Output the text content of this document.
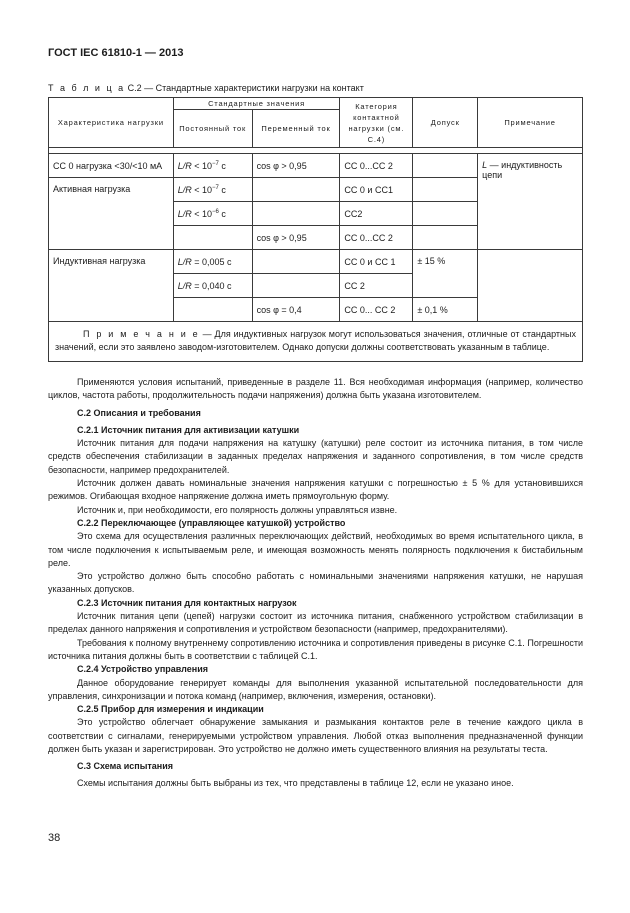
ГОСТ IEC 61810-1 — 2013
Т а б л и ц а С.2 — Стандартные характеристики нагрузки на контакт
Характеристика нагрузки	Стандартные значения		Категория контактной нагрузки (см. С.4)	Допуск	Примечание
	Постоянный ток	Переменный ток			

СС 0 нагрузка <30/<10 мА	$L/R < 10^{-7}$ с	cos φ > 0,95	СС 0...СС 2		L — индуктивность цепи
Активная нагрузка	$L/R < 10^{-7}$ с		СС 0 и СС1		
	$L/R < 10^{-6}$ с		СС2		
		cos φ > 0,95	СС 0...СС 2		
Индуктивная нагрузка	L/R = 0,005 с		СС 0 и СС 1	± 15 %	
	L/R = 0,040 с		СС 2		
		cos φ = 0,4	СС 0... СС 2	± 0,1 %	
П р и м е ч а н и е — Для индуктивных нагрузок могут использоваться значения, отличные от стандартных значений, если это заявлено заводом-изготовителем. Однако допуски должны соответствовать указанным в таблице.					

Применяются условия испытаний, приведенные в разделе 11. Вся необходимая информация (например, количество циклов, частота работы, продолжительность подачи напряжения) должна быть указана изготовителем.

С.2 Описания и требования

С.2.1 Источник питания для активизации катушки

Источник питания для подачи напряжения на катушку (катушки) реле состоит из источника питания, в том числе средств обеспечения стабилизации в заданных пределах напряжения и заданного сопротивления, в том числе средств безопасности, например предохранителей.

Источник должен давать номинальные значения напряжения катушки с погрешностью ± 5 % для установившихся режимов. Огибающая входное напряжение должна иметь прямоугольную форму.

Источник и, при необходимости, его полярность должны управляться извне.

С.2.2 Переключающее (управляющее катушкой) устройство

Это схема для осуществления различных переключающих действий, необходимых во время испытательного цикла, в том числе подключения к испытываемым реле, и имеющая возможность менять полярность подключения к бистабильным реле.

Это устройство должно быть способно работать с номинальными значениями напряжения катушки, не нарушая указанных допусков.

С.2.3 Источник питания для контактных нагрузок

Источник питания цепи (цепей) нагрузки состоит из источника питания, снабженного устройством стабилизации в пределах данного напряжения и сопротивления и устройством безопасности (например, предохранителями).

Требования к полному внутреннему сопротивлению источника и сопротивления приведены в рисунке С.1. Погрешности источника питания должны быть в соответствии с таблицей С.1.

С.2.4 Устройство управления

Данное оборудование генерирует команды для выполнения указанной испытательной последовательности для управления, синхронизации и потока команд (например, включения, измерения, остановки).

С.2.5 Прибор для измерения и индикации

Это устройство облегчает обнаружение замыкания и размыкания контактов реле в течение каждого цикла в соответствии с сигналами, генерируемыми устройством управления. Любой отказ выполнения предназначенной функции должен быть указан и зарегистрирован. Это устройство не должно иметь существенного влияния на результаты теста.

С.3 Схема испытания

Схемы испытания должны быть выбраны из тех, что представлены в таблице 12, если не указано иное.

38
